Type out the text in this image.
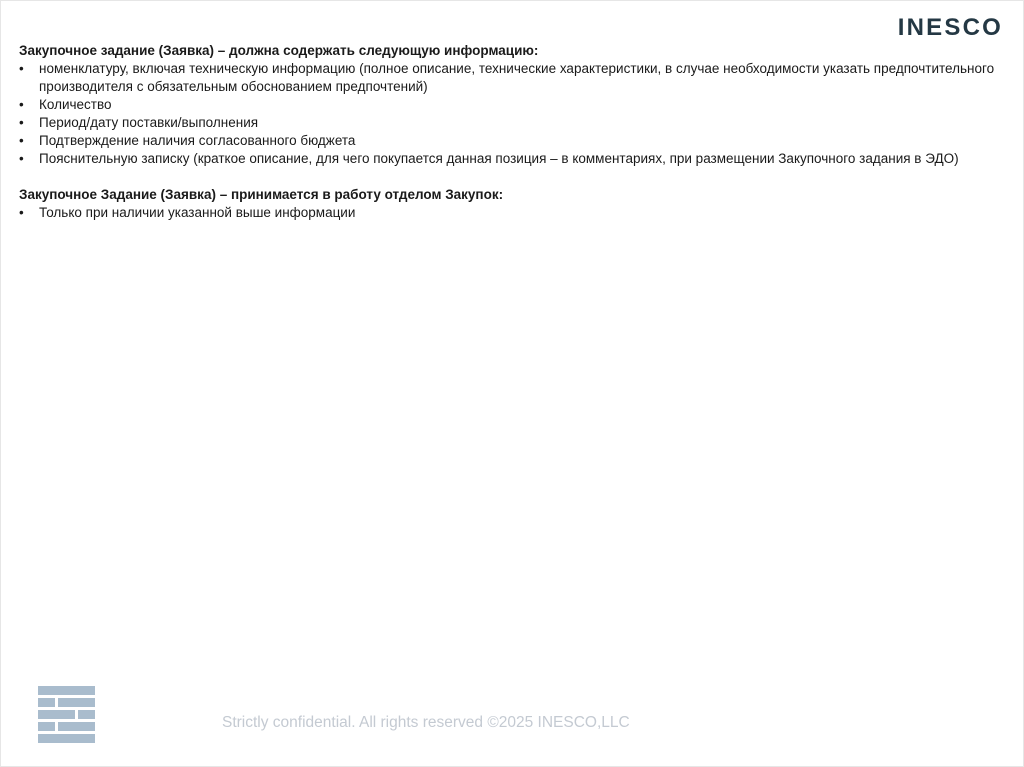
INESCO

Закупочное задание (Заявка) – должна содержать следующую информацию:

•	номенклатуру, включая техническую информацию (полное описание, технические характеристики, в случае необходимости указать предпочтительного производителя с обязательным обоснованием предпочтений)
•	Количество
•	Период/дату поставки/выполнения
•	Подтверждение наличия согласованного бюджета
•	Пояснительную записку (краткое описание, для чего покупается данная позиция – в комментариях, при размещении Закупочного задания в ЭДО)

Закупочное Задание (Заявка) – принимается в работу отделом Закупок:

•	Только при наличии указанной выше информации
Strictly confidential. All rights reserved ©2025 INESCO,LLC
